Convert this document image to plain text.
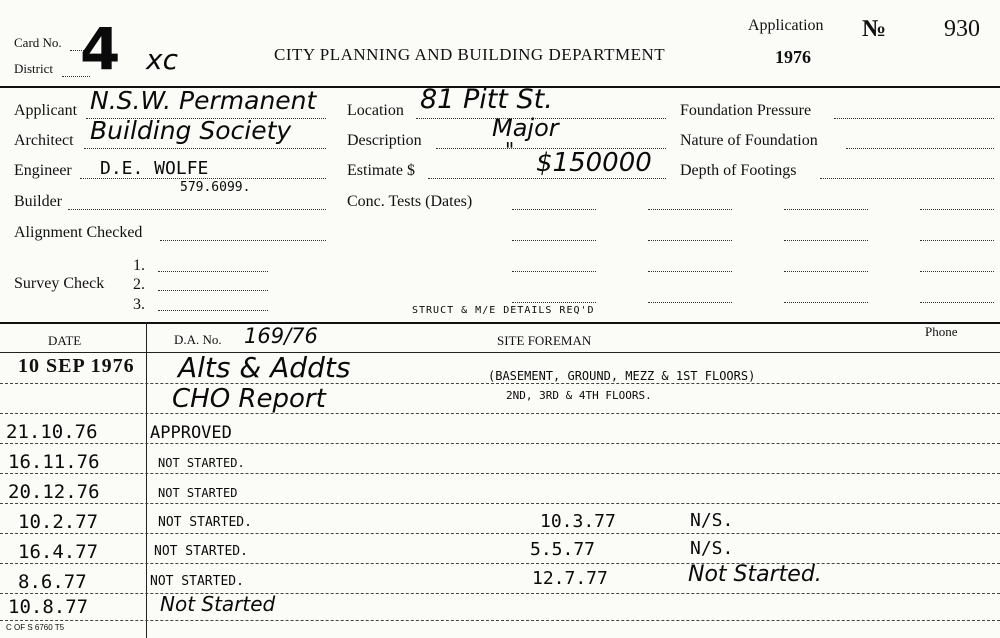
Card No.
District 4 xc	CITY PLANNING AND BUILDING DEPARTMENT
Application
1976
№ 930
Applicant N.S.W. Permanent
Architect Building Society
Engineer D.E. WOLFE
579.6099.
Builder
Alignment Checked
1.
Survey Check 2.
3.
Location 81 Pitt St.
Description	Major
"
Estimate $	$150000
Conc. Tests (Dates)
Foundation Pressure
Nature of Foundation
Depth of Footings
STRUCT & M/E DETAILS REQ'D
DATE	D.A. No. 169/76	SITE FOREMAN
Phone
10 SEP 1976 Alts & Addts	(BASEMENT, GROUND, MEZZ & 1ST FLOORS)
CHO Report	2ND, 3RD & 4TH FLOORS.
21.10.76	APPROVED
16.11.76	NOT STARTED.
20.12.76	NOT STARTED
10.2.77	NOT STARTED.	10.3.77	N/S.
16.4.77	NOT STARTED.	5.5.77	N/S.
8.6.77	NOT STARTED.	12.7.77	Not Started.
10.8.77	Not Started
C OF S 6760 T5
